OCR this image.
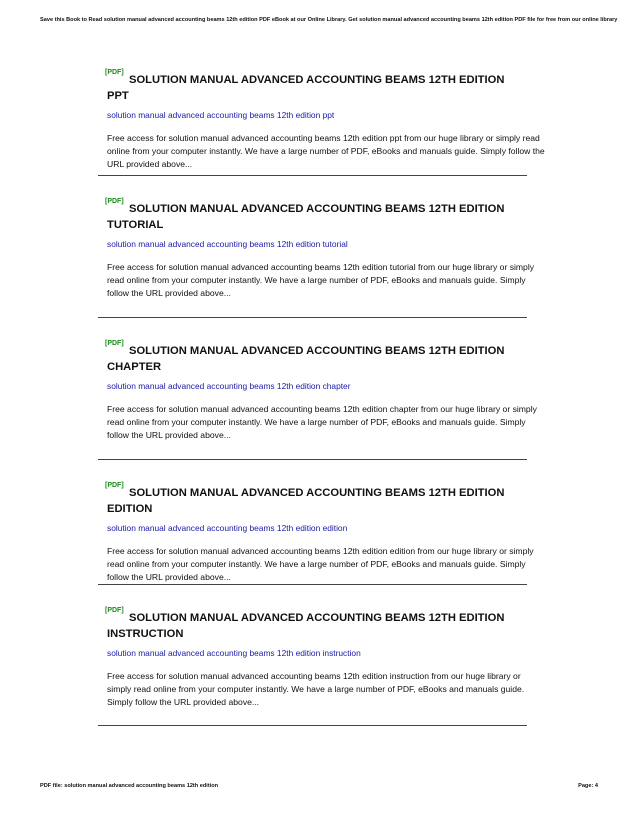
Save this Book to Read solution manual advanced accounting beams 12th edition PDF eBook at our Online Library. Get solution manual advanced accounting beams 12th edition PDF file for free from our online library
[PDF]
SOLUTION MANUAL ADVANCED ACCOUNTING BEAMS 12TH EDITION PPT
solution manual advanced accounting beams 12th edition ppt
Free access for solution manual advanced accounting beams 12th edition ppt from our huge library or simply read online from your computer instantly. We have a large number of PDF, eBooks and manuals guide. Simply follow the URL provided above...
[PDF]
SOLUTION MANUAL ADVANCED ACCOUNTING BEAMS 12TH EDITION TUTORIAL
solution manual advanced accounting beams 12th edition tutorial
Free access for solution manual advanced accounting beams 12th edition tutorial from our huge library or simply read online from your computer instantly. We have a large number of PDF, eBooks and manuals guide. Simply follow the URL provided above...
[PDF]
SOLUTION MANUAL ADVANCED ACCOUNTING BEAMS 12TH EDITION CHAPTER
solution manual advanced accounting beams 12th edition chapter
Free access for solution manual advanced accounting beams 12th edition chapter from our huge library or simply read online from your computer instantly. We have a large number of PDF, eBooks and manuals guide. Simply follow the URL provided above...
[PDF]
SOLUTION MANUAL ADVANCED ACCOUNTING BEAMS 12TH EDITION EDITION
solution manual advanced accounting beams 12th edition edition
Free access for solution manual advanced accounting beams 12th edition edition from our huge library or simply read online from your computer instantly. We have a large number of PDF, eBooks and manuals guide. Simply follow the URL provided above...
[PDF]
SOLUTION MANUAL ADVANCED ACCOUNTING BEAMS 12TH EDITION INSTRUCTION
solution manual advanced accounting beams 12th edition instruction
Free access for solution manual advanced accounting beams 12th edition instruction from our huge library or simply read online from your computer instantly. We have a large number of PDF, eBooks and manuals guide. Simply follow the URL provided above...
PDF file: solution manual advanced accounting beams 12th edition	Page: 4
